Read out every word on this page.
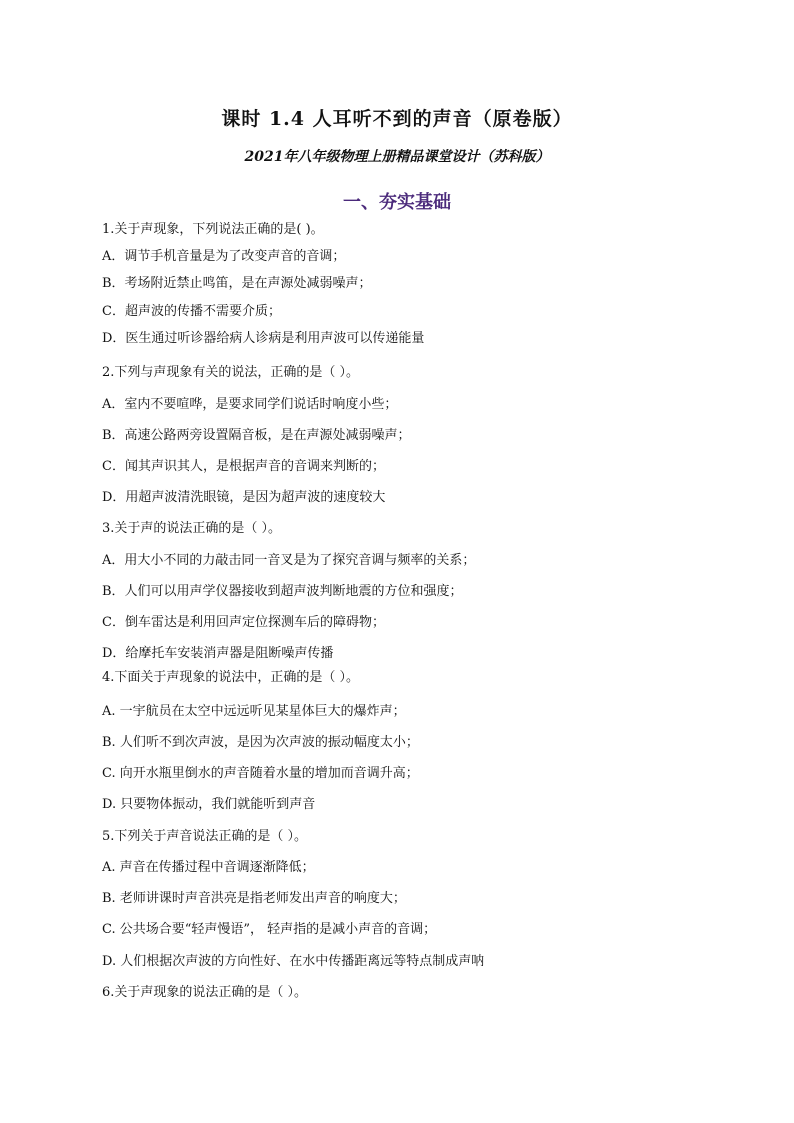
课时 1.4 人耳听不到的声音（原卷版）
2021年八年级物理上册精品课堂设计（苏科版）
一、夯实基础
1.关于声现象，下列说法正确的是( )。
A．调节手机音量是为了改变声音的音调；
B．考场附近禁止鸣笛，是在声源处减弱噪声；
C．超声波的传播不需要介质；
D．医生通过听诊器给病人诊病是利用声波可以传递能量
2.下列与声现象有关的说法，正确的是（ ）。
A．室内不要喧哗，是要求同学们说话时响度小些；
B．高速公路两旁设置隔音板，是在声源处减弱噪声；
C．闻其声识其人，是根据声音的音调来判断的；
D．用超声波清洗眼镜，是因为超声波的速度较大
3.关于声的说法正确的是（ ）。
A．用大小不同的力敲击同一音叉是为了探究音调与频率的关系；
B．人们可以用声学仪器接收到超声波判断地震的方位和强度；
C．倒车雷达是利用回声定位探测车后的障碍物；
D．给摩托车安装消声器是阻断噪声传播
4.下面关于声现象的说法中，正确的是（ ）。
A. 一宇航员在太空中远远听见某星体巨大的爆炸声；
B. 人们听不到次声波，是因为次声波的振动幅度太小；
C. 向开水瓶里倒水的声音随着水量的增加而音调升高；
D. 只要物体振动，我们就能听到声音
5.下列关于声音说法正确的是（ ）。
A. 声音在传播过程中音调逐渐降低；
B. 老师讲课时声音洪亮是指老师发出声音的响度大；
C. 公共场合要“轻声慢语”， 轻声指的是减小声音的音调；
D. 人们根据次声波的方向性好、在水中传播距离远等特点制成声呐
6.关于声现象的说法正确的是（ ）。
